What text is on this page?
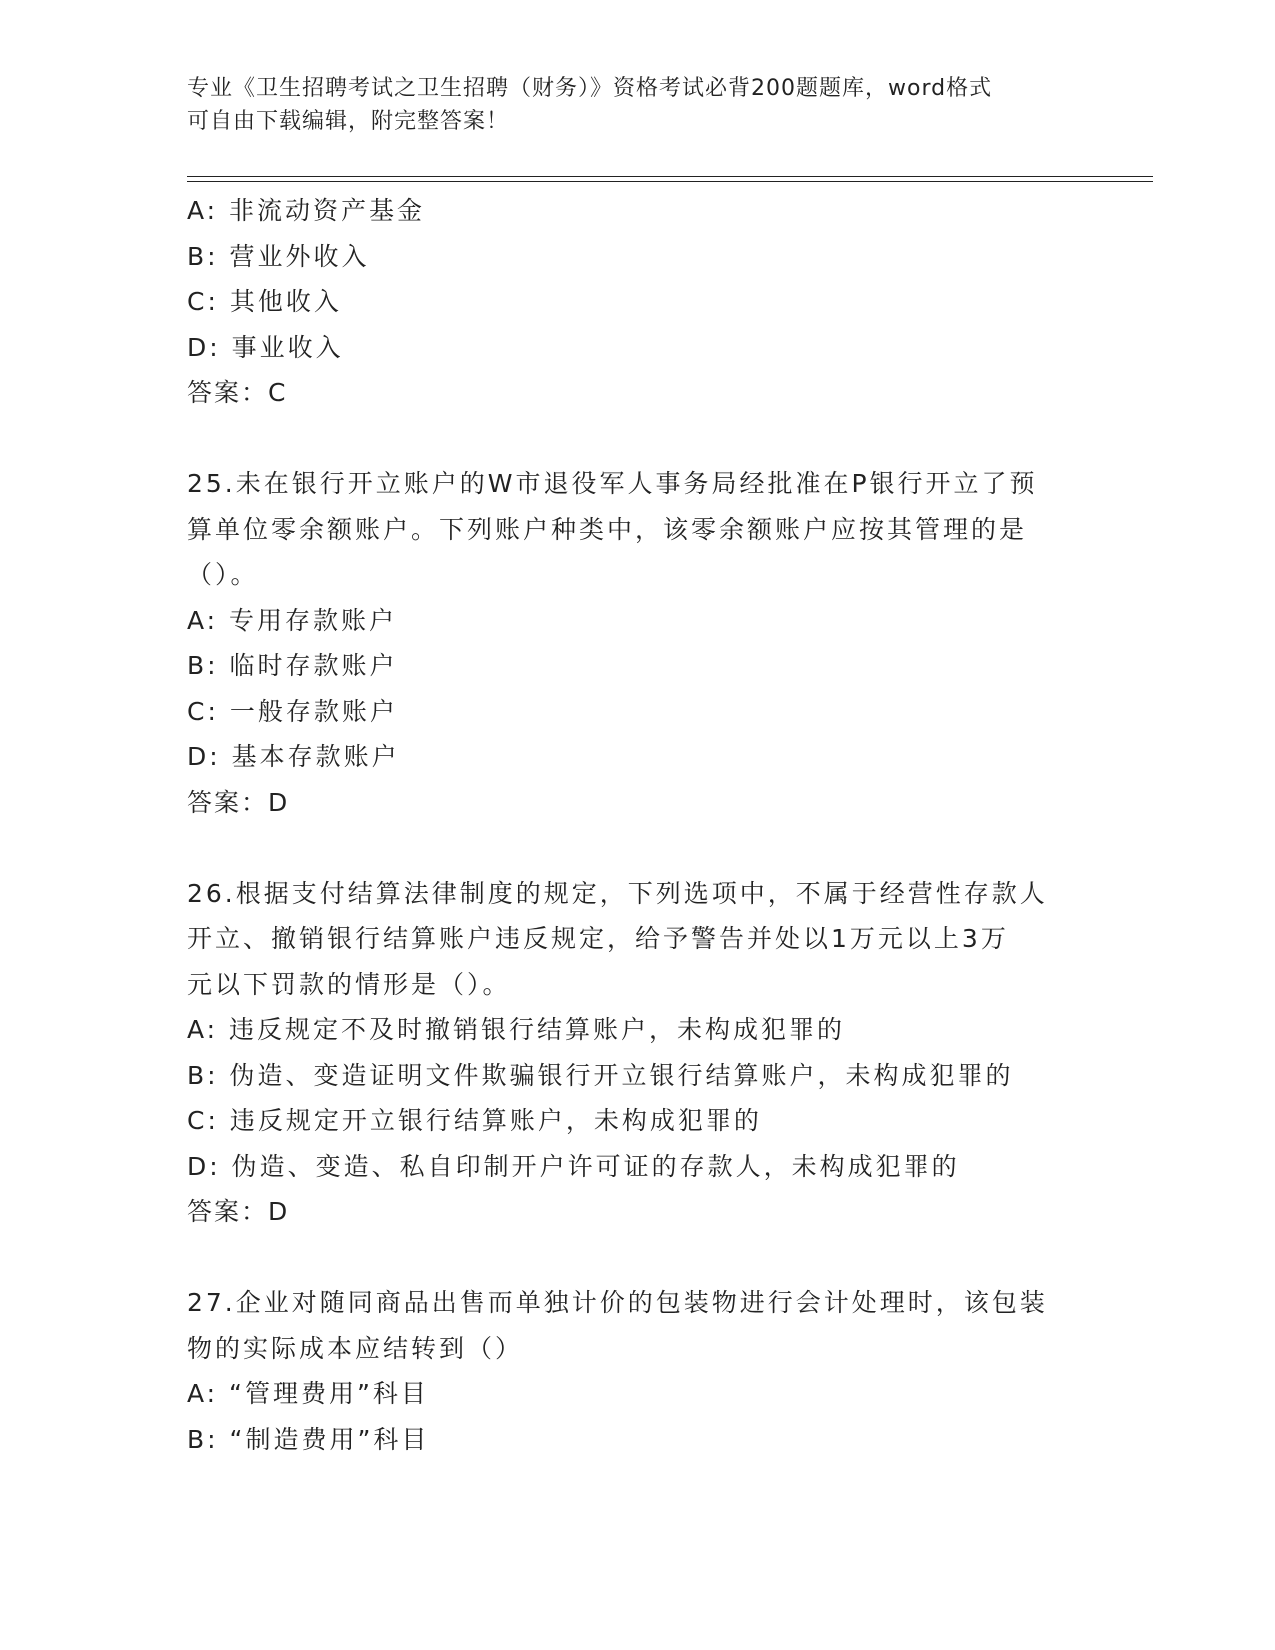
专业《卫生招聘考试之卫生招聘（财务）》资格考试必背200题题库，word格式
可自由下载编辑，附完整答案！
A: 非流动资产基金
B: 营业外收入
C: 其他收入
D: 事业收入
答案：C
25.未在银行开立账户的W市退役军人事务局经批准在P银行开立了预
算单位零余额账户。下列账户种类中，该零余额账户应按其管理的是
（）。
A: 专用存款账户
B: 临时存款账户
C: 一般存款账户
D: 基本存款账户
答案：D
26.根据支付结算法律制度的规定，下列选项中，不属于经营性存款人
开立、撤销银行结算账户违反规定，给予警告并处以1万元以上3万
元以下罚款的情形是（）。
A: 违反规定不及时撤销银行结算账户，未构成犯罪的
B: 伪造、变造证明文件欺骗银行开立银行结算账户，未构成犯罪的
C: 违反规定开立银行结算账户，未构成犯罪的
D: 伪造、变造、私自印制开户许可证的存款人，未构成犯罪的
答案：D
27.企业对随同商品出售而单独计价的包装物进行会计处理时，该包装
物的实际成本应结转到（）
A: “管理费用”科目
B: “制造费用”科目
